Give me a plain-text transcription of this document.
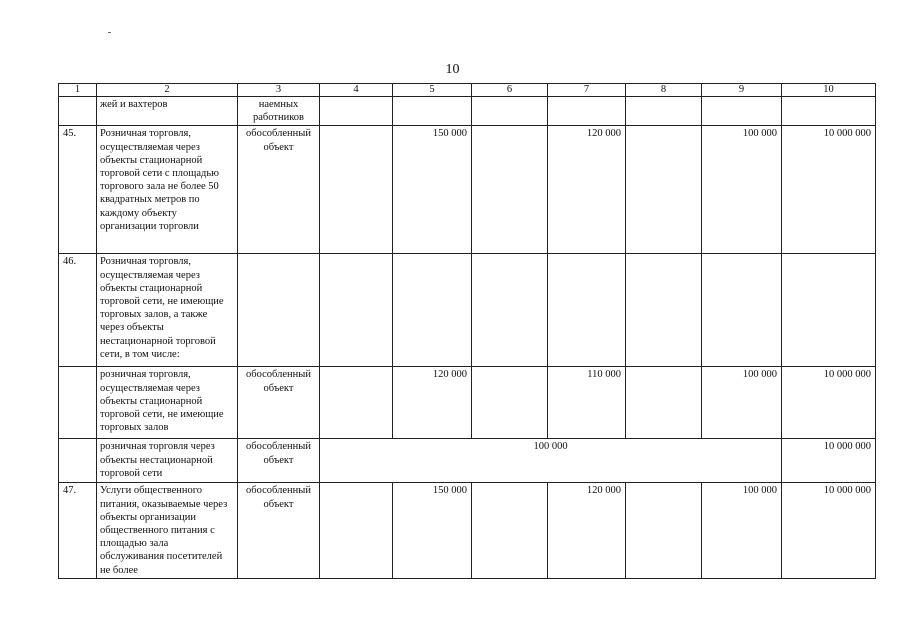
10
1	2	3	4	5	6	7	8	9	10
	жей и вахтеров	наемных работников							
45.	Розничная торговля, осуществляемая через объекты стационарной торговой сети с площадью торгового зала не более 50 квадратных метров по каждому объекту организации торговли	обособленный объект		150 000		120 000		100 000	10 000 000
46.	Розничная торговля, осуществляемая через объекты стационарной торговой сети, не имеющие торговых залов, а также через объекты нестационарной торговой сети, в том числе:								
	розничная торговля, осуществляемая через объекты стационарной торговой сети, не имеющие торговых залов	обособленный объект		120 000		110 000		100 000	10 000 000
	розничная торговля через объекты нестационарной торговой сети	обособленный объект	100 000						10 000 000
47.	Услуги общественного питания, оказываемые через объекты организации общественного питания с площадью зала обслуживания посетителей не более	обособленный объект		150 000		120 000		100 000	10 000 000
